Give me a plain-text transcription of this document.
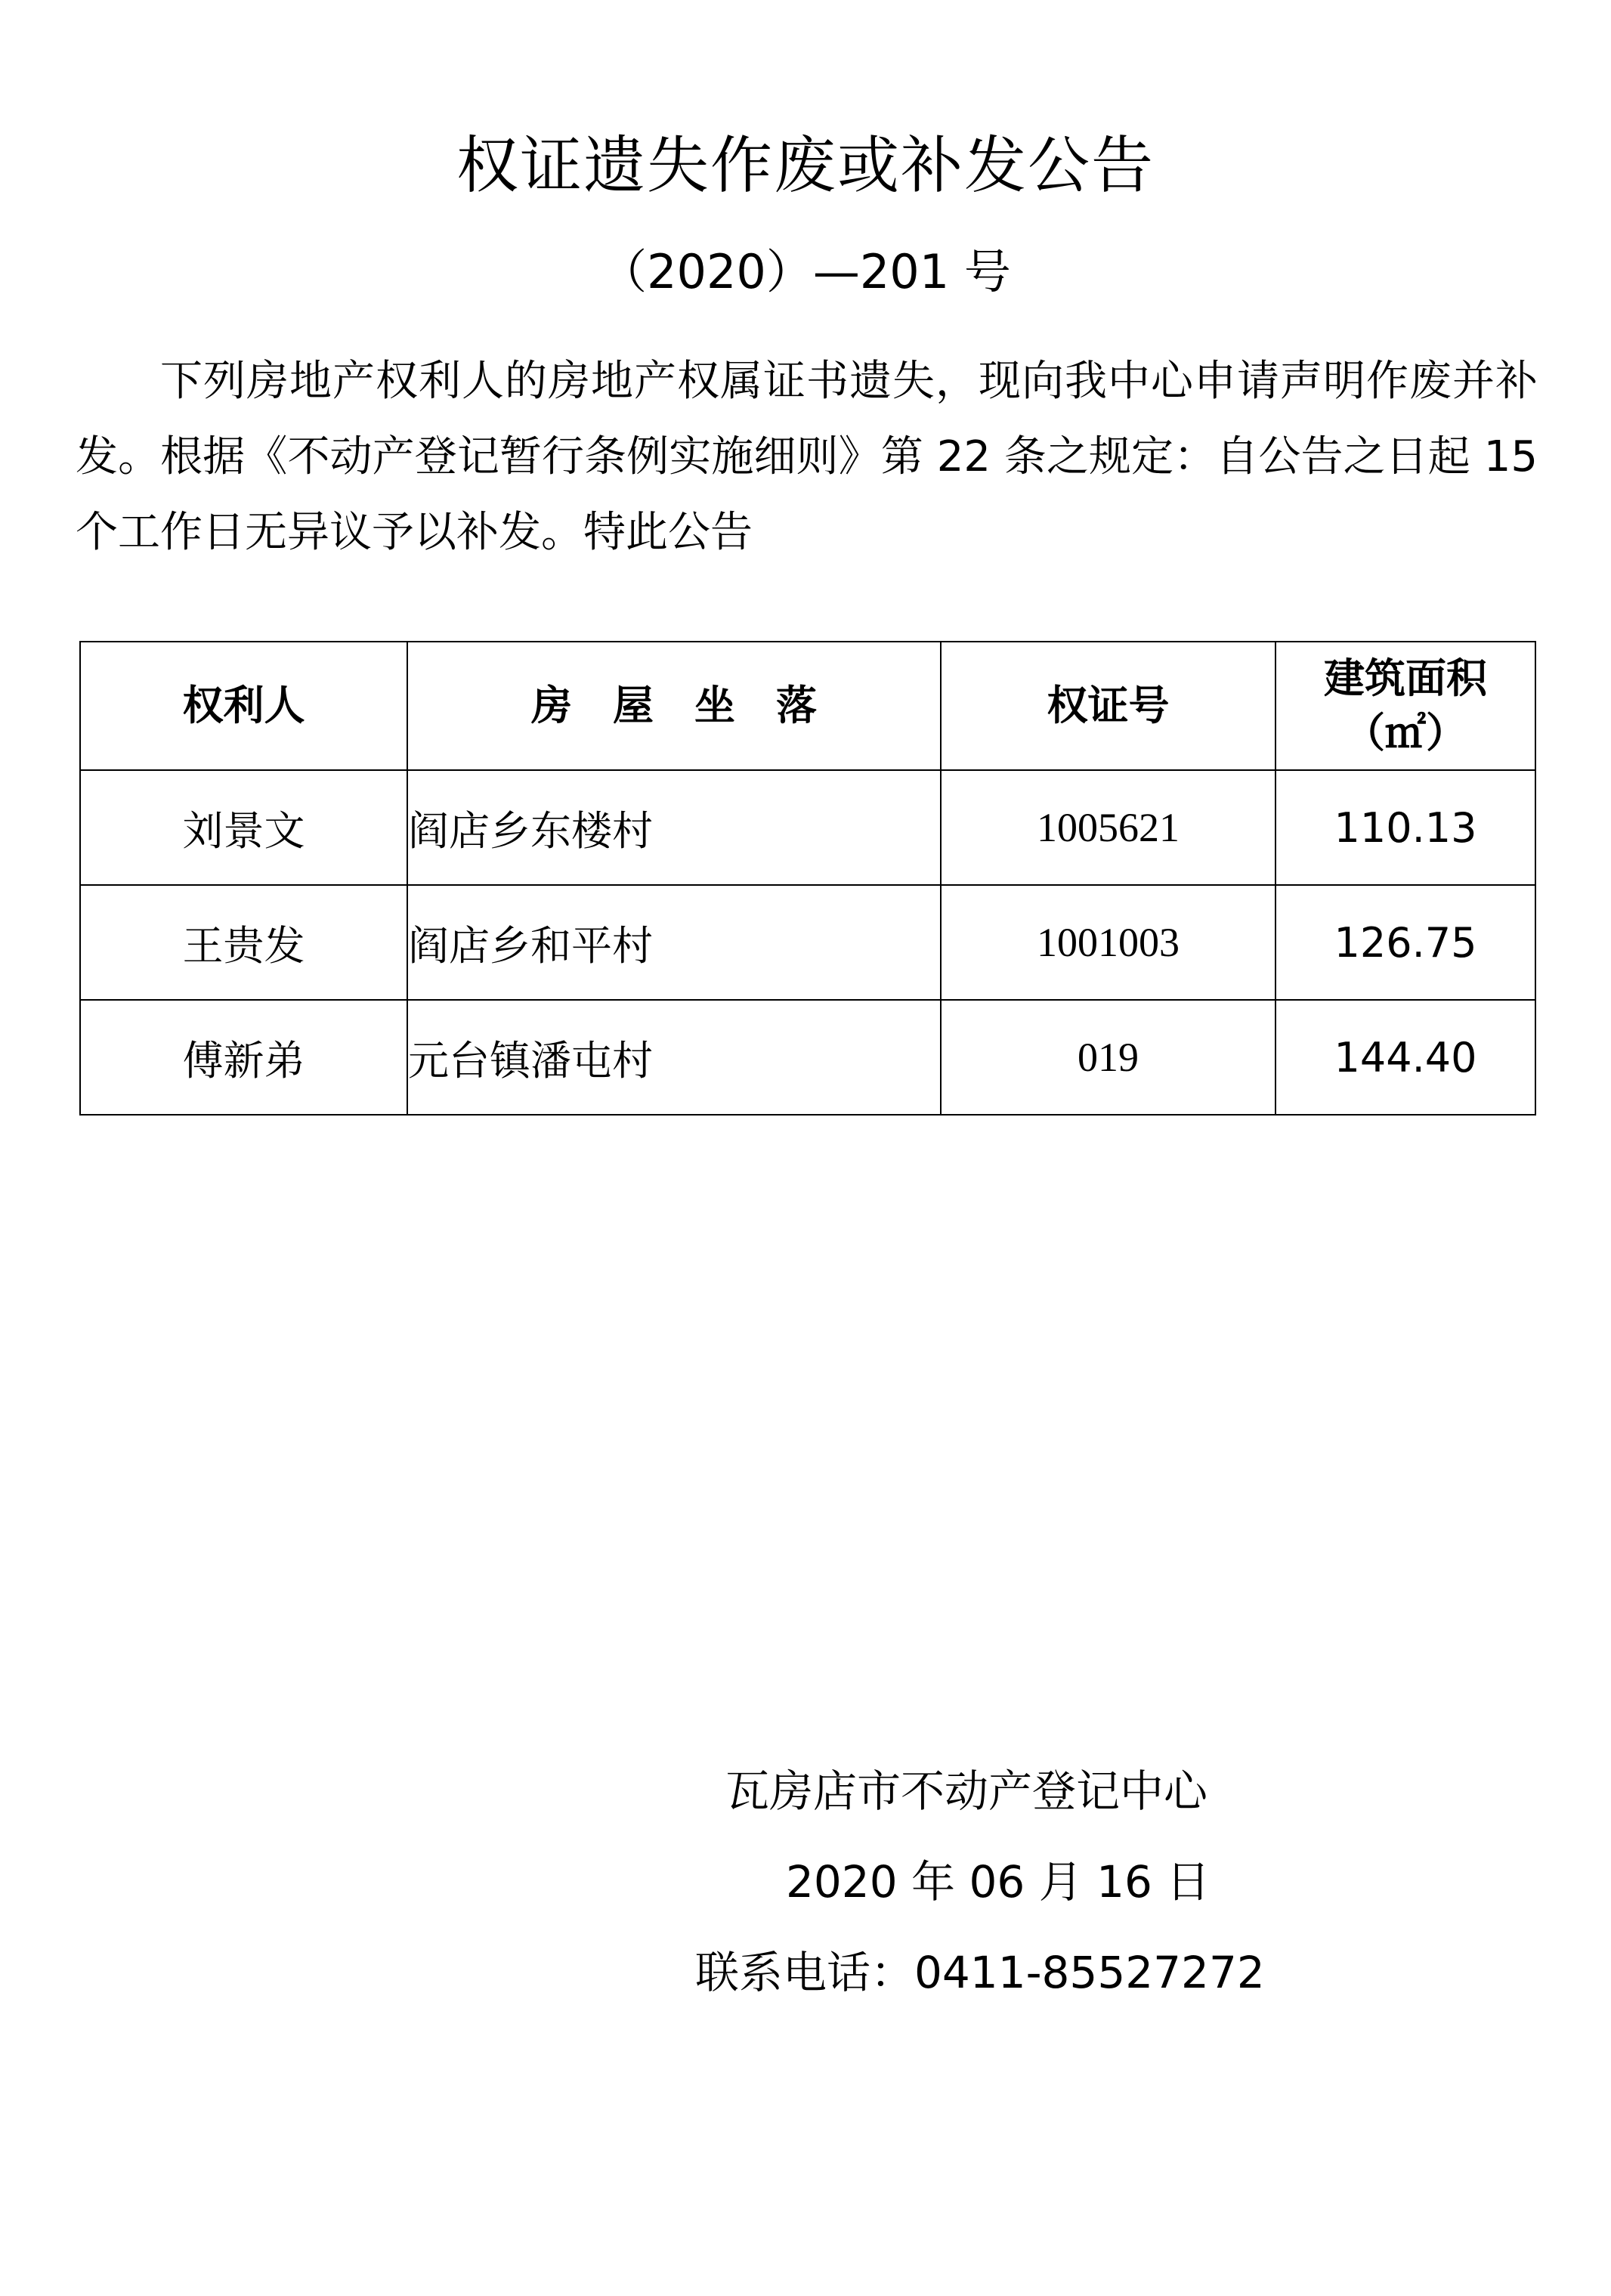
权证遗失作废或补发公告
（2020）—201 号
下列房地产权利人的房地产权属证书遗失，现向我中心申请声明作废并补发。根据《不动产登记暂行条例实施细则》第 22 条之规定：自公告之日起 15 个工作日无异议予以补发。特此公告
权利人	房　屋　坐　落	权证号	建筑面积
（㎡）

刘景文	阎店乡东楼村	1005621	110.13
王贵发	阎店乡和平村	1001003	126.75
傅新弟	元台镇潘屯村	019	144.40
瓦房店市不动产登记中心
2020 年 06 月 16 日
联系电话：0411-85527272
